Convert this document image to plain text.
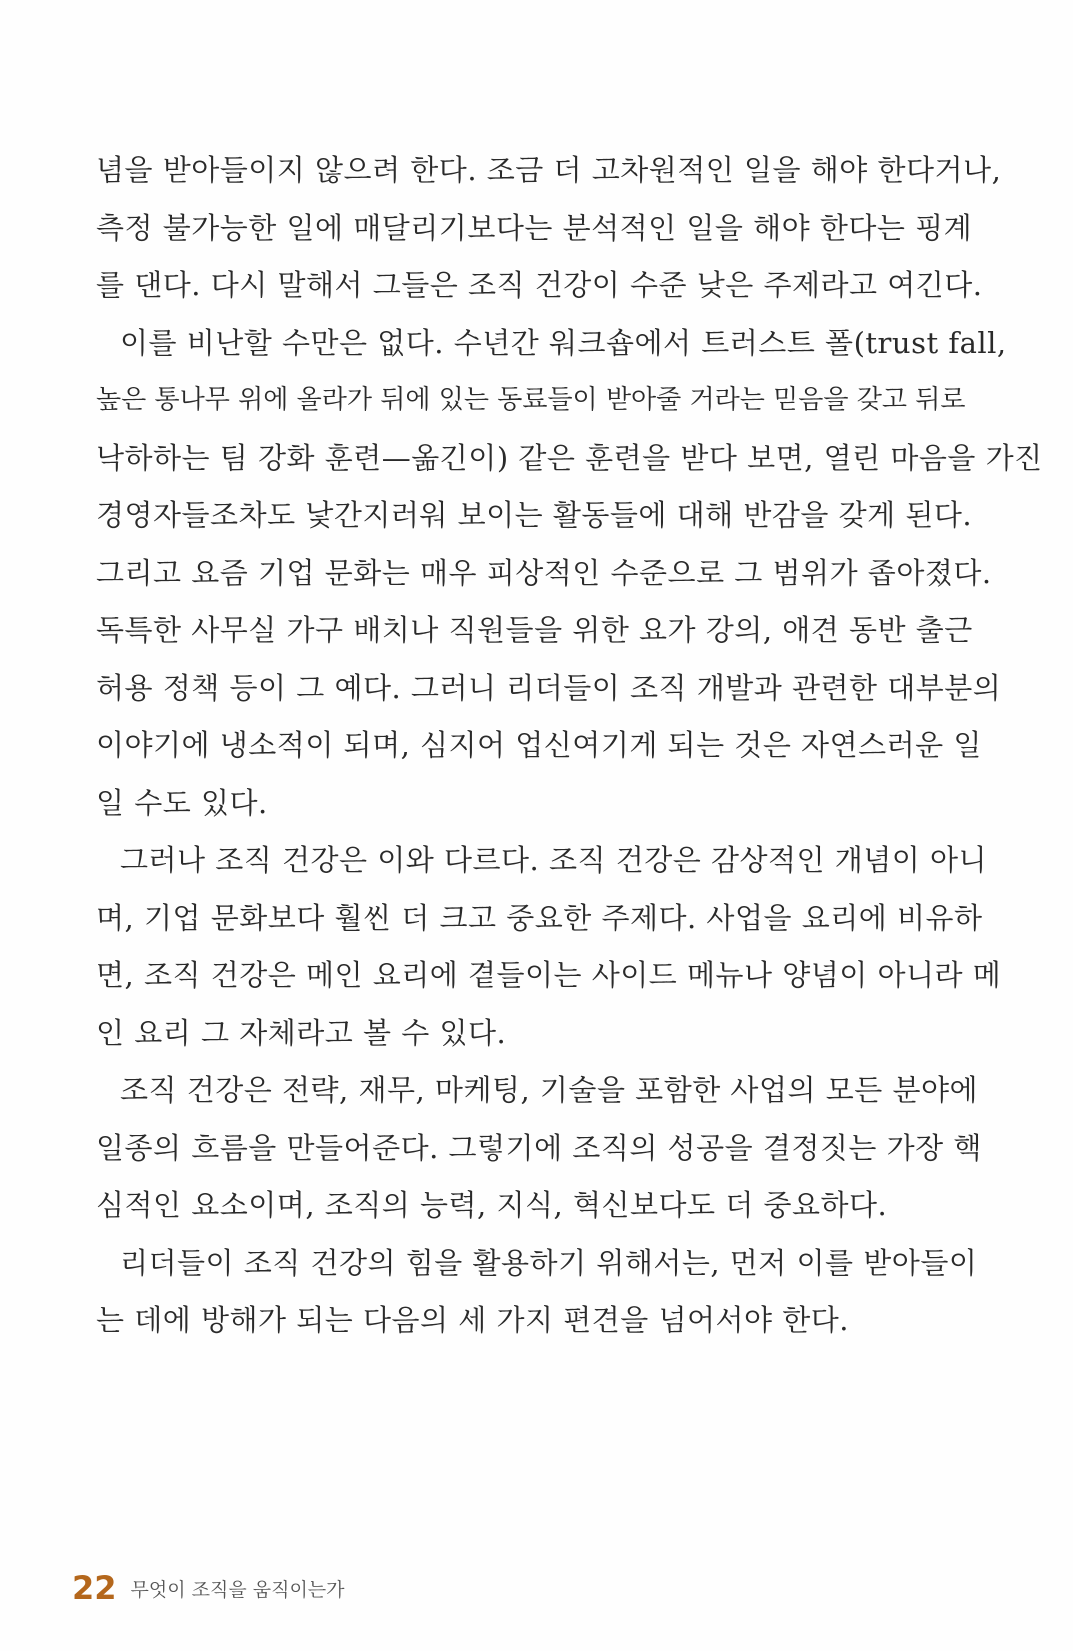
념을 받아들이지 않으려 한다. 조금 더 고차원적인 일을 해야 한다거나,
측정 불가능한 일에 매달리기보다는 분석적인 일을 해야 한다는 핑계
를 댄다. 다시 말해서 그들은 조직 건강이 수준 낮은 주제라고 여긴다.
이를 비난할 수만은 없다. 수년간 워크숍에서 트러스트 폴(trust fall,
높은 통나무 위에 올라가 뒤에 있는 동료들이 받아줄 거라는 믿음을 갖고 뒤로
낙하하는 팀 강화 훈련—옮긴이) 같은 훈련을 받다 보면, 열린 마음을 가진
경영자들조차도 낯간지러워 보이는 활동들에 대해 반감을 갖게 된다.
그리고 요즘 기업 문화는 매우 피상적인 수준으로 그 범위가 좁아졌다.
독특한 사무실 가구 배치나 직원들을 위한 요가 강의, 애견 동반 출근
허용 정책 등이 그 예다. 그러니 리더들이 조직 개발과 관련한 대부분의
이야기에 냉소적이 되며, 심지어 업신여기게 되는 것은 자연스러운 일
일 수도 있다.
그러나 조직 건강은 이와 다르다. 조직 건강은 감상적인 개념이 아니
며, 기업 문화보다 훨씬 더 크고 중요한 주제다. 사업을 요리에 비유하
면, 조직 건강은 메인 요리에 곁들이는 사이드 메뉴나 양념이 아니라 메
인 요리 그 자체라고 볼 수 있다.
조직 건강은 전략, 재무, 마케팅, 기술을 포함한 사업의 모든 분야에
일종의 흐름을 만들어준다. 그렇기에 조직의 성공을 결정짓는 가장 핵
심적인 요소이며, 조직의 능력, 지식, 혁신보다도 더 중요하다.
리더들이 조직 건강의 힘을 활용하기 위해서는, 먼저 이를 받아들이
는 데에 방해가 되는 다음의 세 가지 편견을 넘어서야 한다.
22 무엇이 조직을 움직이는가
